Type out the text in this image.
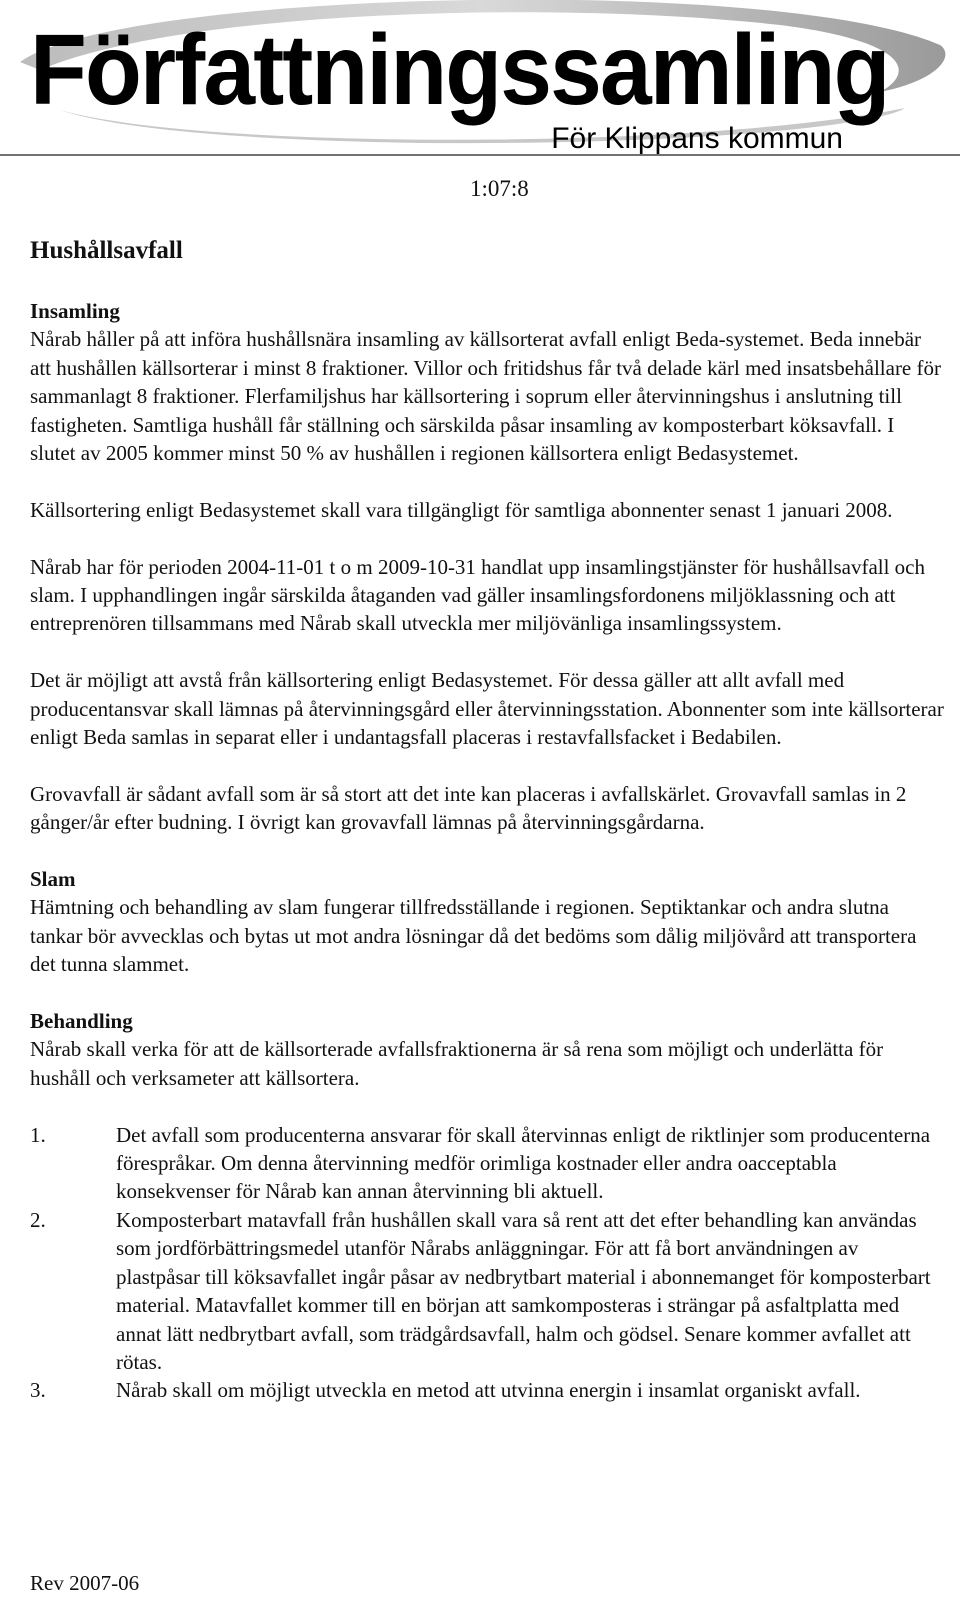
Författningssamling
För Klippans kommun
1:07:8
Hushållsavfall
Insamling

Nårab håller på att införa hushållsnära insamling av källsorterat avfall enligt Beda-systemet. Beda innebär att hushållen källsorterar i minst 8 fraktioner. Villor och fritidshus får två delade kärl med insatsbehållare för sammanlagt 8 fraktioner. Flerfamiljshus har källsortering i soprum eller återvinningshus i anslutning till fastigheten. Samtliga hushåll får ställning och särskilda påsar insamling av komposterbart köksavfall. I slutet av 2005 kommer minst 50 % av hushållen i regionen källsortera enligt Bedasystemet.

Källsortering enligt Bedasystemet skall vara tillgängligt för samtliga abonnenter senast 1 januari 2008.

Nårab har för perioden 2004-11-01 t o m 2009-10-31 handlat upp insamlingstjänster för hushållsavfall och slam. I upphandlingen ingår särskilda åtaganden vad gäller insamlingsfordonens miljöklassning och att entreprenören tillsammans med Nårab skall utveckla mer miljövänliga insamlingssystem.

Det är möjligt att avstå från källsortering enligt Bedasystemet. För dessa gäller att allt avfall med producentansvar skall lämnas på återvinningsgård eller återvinningsstation. Abonnenter som inte källsorterar enligt Beda samlas in separat eller i undantagsfall placeras i restavfallsfacket i Bedabilen.

Grovavfall är sådant avfall som är så stort att det inte kan placeras i avfallskärlet. Grovavfall samlas in 2 gånger/år efter budning. I övrigt kan grovavfall lämnas på återvinningsgårdarna.

Slam

Hämtning och behandling av slam fungerar tillfredsställande i regionen. Septiktankar och andra slutna tankar bör avvecklas och bytas ut mot andra lösningar då det bedöms som dålig miljövård att transportera det tunna slammet.

Behandling

Nårab skall verka för att de källsorterade avfallsfraktionerna är så rena som möjligt och underlätta för hushåll och verksameter att källsortera.

1.	Det avfall som producenterna ansvarar för skall återvinnas enligt de riktlinjer som producenterna förespråkar. Om denna återvinning medför orimliga kostnader eller andra oacceptabla konsekvenser för Nårab kan annan återvinning bli aktuell.
2.	Komposterbart matavfall från hushållen skall vara så rent att det efter behandling kan användas som jordförbättringsmedel utanför Nårabs anläggningar. För att få bort användningen av plastpåsar till köksavfallet ingår påsar av nedbrytbart material i abonnemanget för komposterbart material. Matavfallet kommer till en början att samkomposteras i strängar på asfaltplatta med annat lätt nedbrytbart avfall, som trädgårdsavfall, halm och gödsel. Senare kommer avfallet att rötas.
3.	Nårab skall om möjligt utveckla en metod att utvinna energin i insamlat organiskt avfall.
Rev 2007-06
